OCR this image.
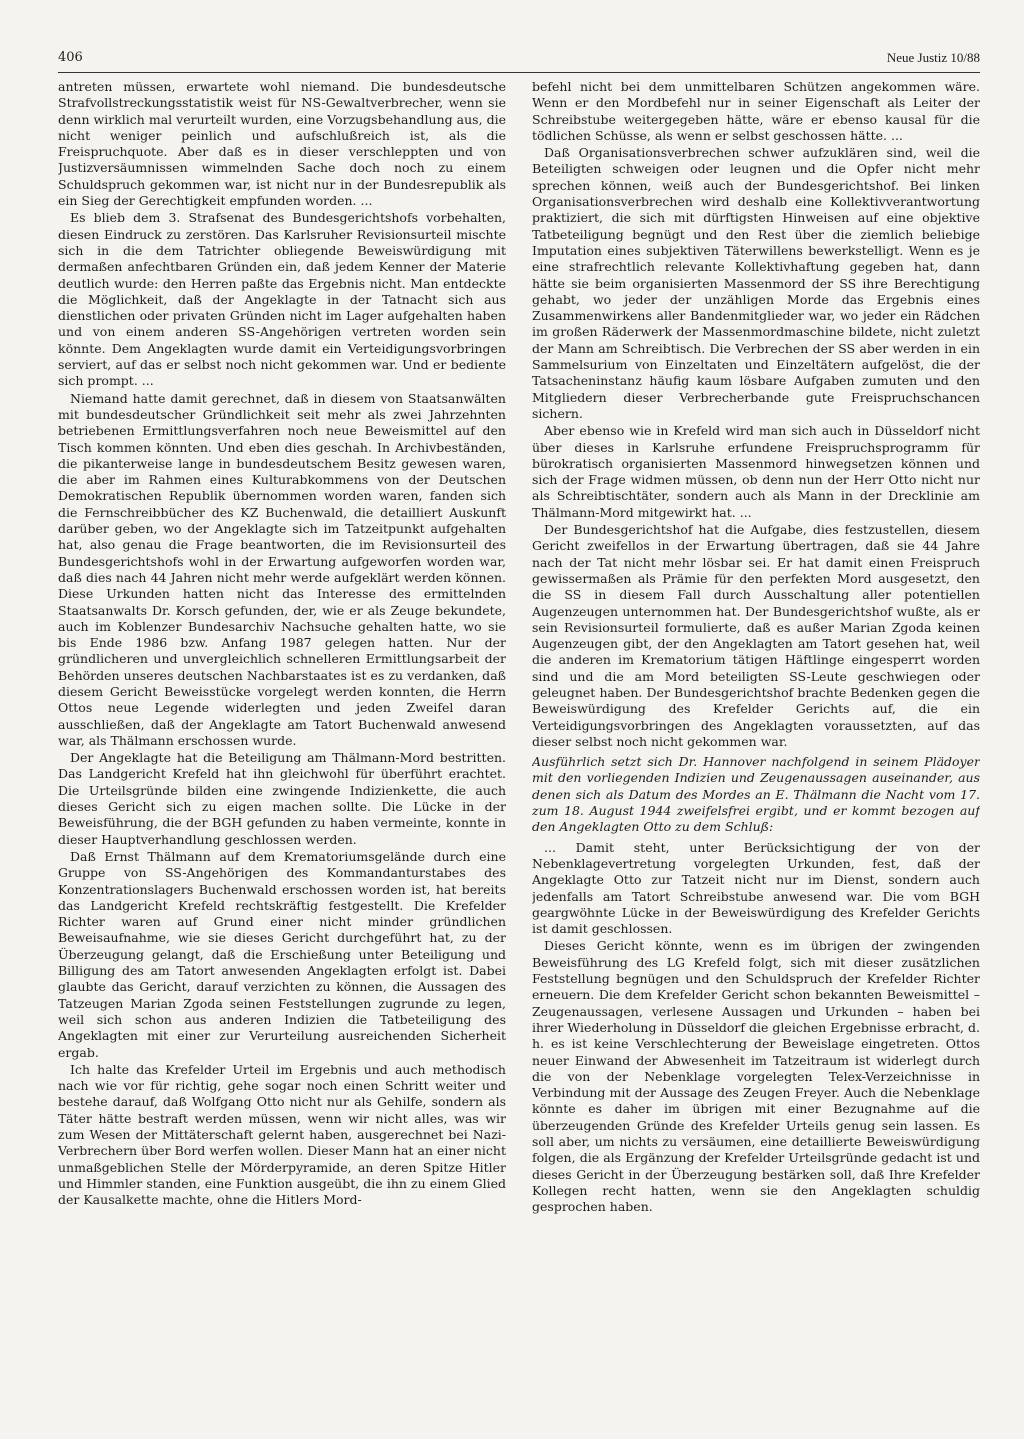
406	Neue Justiz 10/88

antreten müssen, erwartete wohl niemand. Die bundesdeutsche Strafvollstreckungsstatistik weist für NS-Gewaltverbrecher, wenn sie denn wirklich mal verurteilt wurden, eine Vorzugsbehandlung aus, die nicht weniger peinlich und aufschlußreich ist, als die Freispruchquote. Aber daß es in dieser verschleppten und von Justizversäumnissen wimmelnden Sache doch noch zu einem Schuldspruch gekommen war, ist nicht nur in der Bundesrepublik als ein Sieg der Gerechtigkeit empfunden worden. ...

Es blieb dem 3. Strafsenat des Bundesgerichtshofs vorbehalten, diesen Eindruck zu zerstören. Das Karlsruher Revisionsurteil mischte sich in die dem Tatrichter obliegende Beweiswürdigung mit dermaßen anfechtbaren Gründen ein, daß jedem Kenner der Materie deutlich wurde: den Herren paßte das Ergebnis nicht. Man entdeckte die Möglichkeit, daß der Angeklagte in der Tatnacht sich aus dienstlichen oder privaten Gründen nicht im Lager aufgehalten haben und von einem anderen SS-Angehörigen vertreten worden sein könnte. Dem Angeklagten wurde damit ein Verteidigungsvorbringen serviert, auf das er selbst noch nicht gekommen war. Und er bediente sich prompt. ...

Niemand hatte damit gerechnet, daß in diesem von Staatsanwälten mit bundesdeutscher Gründlichkeit seit mehr als zwei Jahrzehnten betriebenen Ermittlungsverfahren noch neue Beweismittel auf den Tisch kommen könnten. Und eben dies geschah. In Archivbeständen, die pikanterweise lange in bundesdeutschem Besitz gewesen waren, die aber im Rahmen eines Kulturabkommens von der Deutschen Demokratischen Republik übernommen worden waren, fanden sich die Fernschreibbücher des KZ Buchenwald, die detailliert Auskunft darüber geben, wo der Angeklagte sich im Tatzeitpunkt aufgehalten hat, also genau die Frage beantworten, die im Revisionsurteil des Bundesgerichtshofs wohl in der Erwartung aufgeworfen worden war, daß dies nach 44 Jahren nicht mehr werde aufgeklärt werden können. Diese Urkunden hatten nicht das Interesse des ermittelnden Staatsanwalts Dr. Korsch gefunden, der, wie er als Zeuge bekundete, auch im Koblenzer Bundesarchiv Nachsuche gehalten hatte, wo sie bis Ende 1986 bzw. Anfang 1987 gelegen hatten. Nur der gründlicheren und unvergleichlich schnelleren Ermittlungsarbeit der Behörden unseres deutschen Nachbarstaates ist es zu verdanken, daß diesem Gericht Beweisstücke vorgelegt werden konnten, die Herrn Ottos neue Legende widerlegten und jeden Zweifel daran ausschließen, daß der Angeklagte am Tatort Buchenwald anwesend war, als Thälmann erschossen wurde.

Der Angeklagte hat die Beteiligung am Thälmann-Mord bestritten. Das Landgericht Krefeld hat ihn gleichwohl für überführt erachtet. Die Urteilsgründe bilden eine zwingende Indizienkette, die auch dieses Gericht sich zu eigen machen sollte. Die Lücke in der Beweisführung, die der BGH gefunden zu haben vermeinte, konnte in dieser Hauptverhandlung geschlossen werden.

Daß Ernst Thälmann auf dem Krematoriumsgelände durch eine Gruppe von SS-Angehörigen des Kommandanturstabes des Konzentrationslagers Buchenwald erschossen worden ist, hat bereits das Landgericht Krefeld rechtskräftig festgestellt. Die Krefelder Richter waren auf Grund einer nicht minder gründlichen Beweisaufnahme, wie sie dieses Gericht durchgeführt hat, zu der Überzeugung gelangt, daß die Erschießung unter Beteiligung und Billigung des am Tatort anwesenden Angeklagten erfolgt ist. Dabei glaubte das Gericht, darauf verzichten zu können, die Aussagen des Tatzeugen Marian Zgoda seinen Feststellungen zugrunde zu legen, weil sich schon aus anderen Indizien die Tatbeteiligung des Angeklagten mit einer zur Verurteilung ausreichenden Sicherheit ergab.

Ich halte das Krefelder Urteil im Ergebnis und auch methodisch nach wie vor für richtig, gehe sogar noch einen Schritt weiter und bestehe darauf, daß Wolfgang Otto nicht nur als Gehilfe, sondern als Täter hätte bestraft werden müssen, wenn wir nicht alles, was wir zum Wesen der Mittäterschaft gelernt haben, ausgerechnet bei Nazi-Verbrechern über Bord werfen wollen. Dieser Mann hat an einer nicht unmaßgeblichen Stelle der Mörderpyramide, an deren Spitze Hitler und Himmler standen, eine Funktion ausgeübt, die ihn zu einem Glied der Kausalkette machte, ohne die Hitlers Mord-

befehl nicht bei dem unmittelbaren Schützen angekommen wäre. Wenn er den Mordbefehl nur in seiner Eigenschaft als Leiter der Schreibstube weitergegeben hätte, wäre er ebenso kausal für die tödlichen Schüsse, als wenn er selbst geschossen hätte. ...

Daß Organisationsverbrechen schwer aufzuklären sind, weil die Beteiligten schweigen oder leugnen und die Opfer nicht mehr sprechen können, weiß auch der Bundesgerichtshof. Bei linken Organisationsverbrechen wird deshalb eine Kollektivverantwortung praktiziert, die sich mit dürftigsten Hinweisen auf eine objektive Tatbeteiligung begnügt und den Rest über die ziemlich beliebige Imputation eines subjektiven Täterwillens bewerkstelligt. Wenn es je eine strafrechtlich relevante Kollektivhaftung gegeben hat, dann hätte sie beim organisierten Massenmord der SS ihre Berechtigung gehabt, wo jeder der unzähligen Morde das Ergebnis eines Zusammenwirkens aller Bandenmitglieder war, wo jeder ein Rädchen im großen Räderwerk der Massenmordmaschine bildete, nicht zuletzt der Mann am Schreibtisch. Die Verbrechen der SS aber werden in ein Sammelsurium von Einzeltaten und Einzeltätern aufgelöst, die der Tatsacheninstanz häufig kaum lösbare Aufgaben zumuten und den Mitgliedern dieser Verbrecherbande gute Freispruchschancen sichern.

Aber ebenso wie in Krefeld wird man sich auch in Düsseldorf nicht über dieses in Karlsruhe erfundene Freispruchsprogramm für bürokratisch organisierten Massenmord hinwegsetzen können und sich der Frage widmen müssen, ob denn nun der Herr Otto nicht nur als Schreibtischtäter, sondern auch als Mann in der Drecklinie am Thälmann-Mord mitgewirkt hat. ...

Der Bundesgerichtshof hat die Aufgabe, dies festzustellen, diesem Gericht zweifellos in der Erwartung übertragen, daß sie 44 Jahre nach der Tat nicht mehr lösbar sei. Er hat damit einen Freispruch gewissermaßen als Prämie für den perfekten Mord ausgesetzt, den die SS in diesem Fall durch Ausschaltung aller potentiellen Augenzeugen unternommen hat. Der Bundesgerichtshof wußte, als er sein Revisionsurteil formulierte, daß es außer Marian Zgoda keinen Augenzeugen gibt, der den Angeklagten am Tatort gesehen hat, weil die anderen im Krematorium tätigen Häftlinge eingesperrt worden sind und die am Mord beteiligten SS-Leute geschwiegen oder geleugnet haben. Der Bundesgerichtshof brachte Bedenken gegen die Beweiswürdigung des Krefelder Gerichts auf, die ein Verteidigungsvorbringen des Angeklagten voraussetzten, auf das dieser selbst noch nicht gekommen war.

Ausführlich setzt sich Dr. Hannover nachfolgend in seinem Plädoyer mit den vorliegenden Indizien und Zeugenaussagen auseinander, aus denen sich als Datum des Mordes an E. Thälmann die Nacht vom 17. zum 18. August 1944 zweifelsfrei ergibt, und er kommt bezogen auf den Angeklagten Otto zu dem Schluß:

... Damit steht, unter Berücksichtigung der von der Nebenklagevertretung vorgelegten Urkunden, fest, daß der Angeklagte Otto zur Tatzeit nicht nur im Dienst, sondern auch jedenfalls am Tatort Schreibstube anwesend war. Die vom BGH geargwöhnte Lücke in der Beweiswürdigung des Krefelder Gerichts ist damit geschlossen.

Dieses Gericht könnte, wenn es im übrigen der zwingenden Beweisführung des LG Krefeld folgt, sich mit dieser zusätzlichen Feststellung begnügen und den Schuldspruch der Krefelder Richter erneuern. Die dem Krefelder Gericht schon bekannten Beweismittel – Zeugenaussagen, verlesene Aussagen und Urkunden – haben bei ihrer Wiederholung in Düsseldorf die gleichen Ergebnisse erbracht, d. h. es ist keine Verschlechterung der Beweislage eingetreten. Ottos neuer Einwand der Abwesenheit im Tatzeitraum ist widerlegt durch die von der Nebenklage vorgelegten Telex-Verzeichnisse in Verbindung mit der Aussage des Zeugen Freyer. Auch die Nebenklage könnte es daher im übrigen mit einer Bezugnahme auf die überzeugenden Gründe des Krefelder Urteils genug sein lassen. Es soll aber, um nichts zu versäumen, eine detaillierte Beweiswürdigung folgen, die als Ergänzung der Krefelder Urteilsgründe gedacht ist und dieses Gericht in der Überzeugung bestärken soll, daß Ihre Krefelder Kollegen recht hatten, wenn sie den Angeklagten schuldig gesprochen haben.
